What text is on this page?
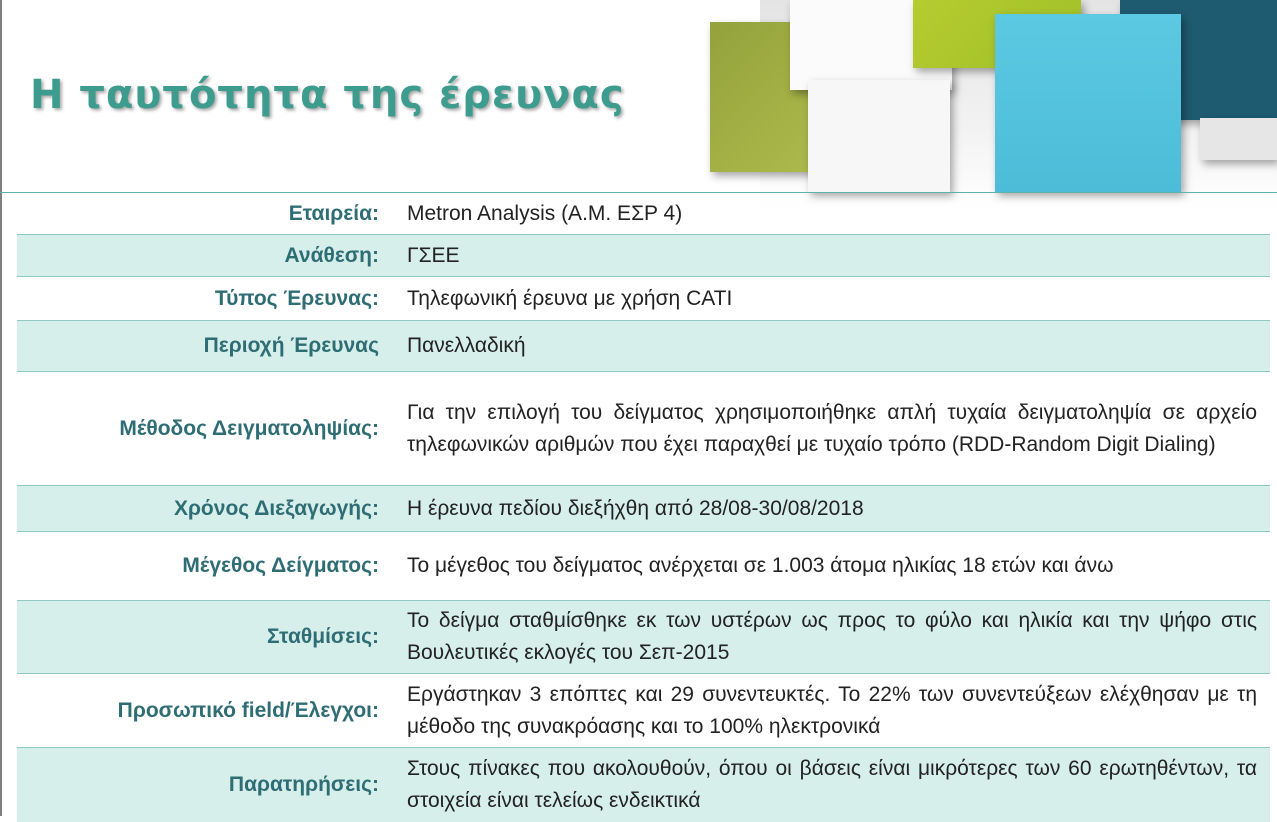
Η ταυτότητα της έρευνας
Εταιρεία: Metron Analysis (Α.Μ. ΕΣΡ 4)
Ανάθεση: ΓΣΕΕ
Τύπος Έρευνας: Τηλεφωνική έρευνα με χρήση CATI
Περιοχή Έρευνας Πανελλαδική
Μέθοδος Δειγματοληψίας:
Για την επιλογή του δείγματος χρησιμοποιήθηκε απλή τυχαία δειγματοληψία σε αρχείο τηλεφωνικών αριθμών που έχει παραχθεί με τυχαίο τρόπο (RDD-Random Digit Dialing)
Χρόνος Διεξαγωγής: Η έρευνα πεδίου διεξήχθη από 28/08-30/08/2018
Μέγεθος Δείγματος: Το μέγεθος του δείγματος ανέρχεται σε 1.003 άτομα ηλικίας 18 ετών και άνω
Σταθμίσεις:
Το δείγμα σταθμίσθηκε εκ των υστέρων ως προς το φύλο και ηλικία και την ψήφο στις Βουλευτικές εκλογές του Σεπ-2015
Προσωπικό field/Έλεγχοι:
Εργάστηκαν 3 επόπτες και 29 συνεντευκτές. Το 22% των συνεντεύξεων ελέχθησαν με τη μέθοδο της συνακρόασης και το 100% ηλεκτρονικά
Παρατηρήσεις:
Στους πίνακες που ακολουθούν, όπου οι βάσεις είναι μικρότερες των 60 ερωτηθέντων, τα στοιχεία είναι τελείως ενδεικτικά
